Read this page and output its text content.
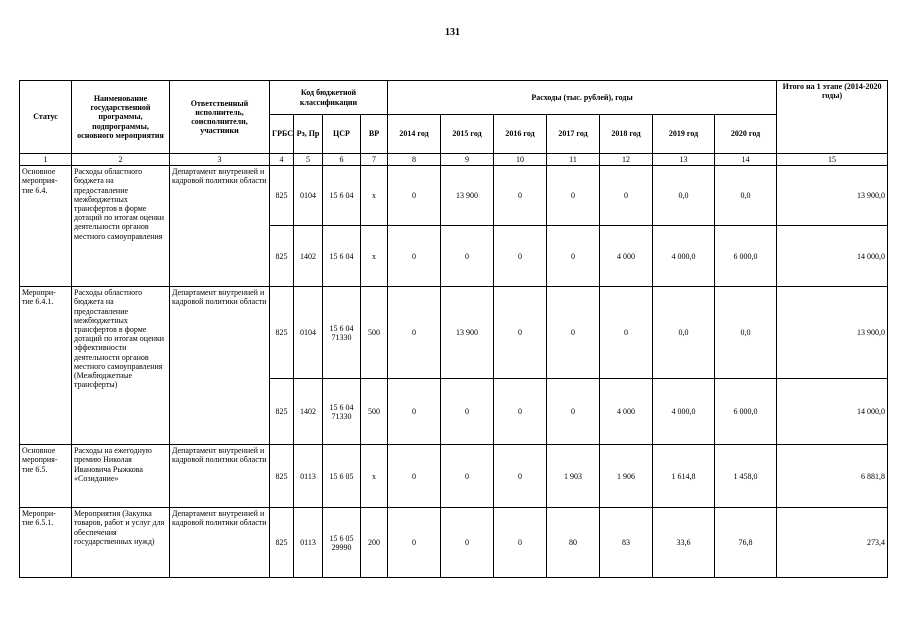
131
Статус	Наименование государственной программы, подпрограммы, основного мероприятия	Ответственный исполнитель, соисполнители, участники	Код бюджетной классификации				Расходы (тыс. рублей), годы							Итого на 1 этапе (2014-2020 годы)
			ГРБС	Рз, Пр	ЦСР	ВР	2014 год	2015 год	2016 год	2017 год	2018 год	2019 год	2020 год	
1	2	3	4	5	6	7	8	9	10	11	12	13	14	15
Основное мероприя- тие 6.4.	Расходы областного бюджета на предоставление межбюджетных трансфертов в форме дотаций по итогам оценки деятельности органов местного самоуправления	Департамент внутренней и кадровой политики области	825	0104	15 6 04	x	0	13 900	0	0	0	0,0	0,0	13 900,0
			825	1402	15 6 04	x	0	0	0	0	4 000	4 000,0	6 000,0	14 000,0
Меропри- тие 6.4.1.	Расходы областного бюджета на предоставление межбюджетных трансфертов в форме дотаций по итогам оценки эффективности деятельности органов местного самоуправления (Межбюджетные трансферты)	Департамент внутренней и кадровой политики области	825	0104	15 6 04 71330	500	0	13 900	0	0	0	0,0	0,0	13 900,0
			825	1402	15 6 04 71330	500	0	0	0	0	4 000	4 000,0	6 000,0	14 000,0
Основное мероприя- тие 6.5.	Расходы на ежегодную премию Николая Ивановича Рыжкова «Созидание»	Департамент внутренней и кадровой политики области	825	0113	15 6 05	x	0	0	0	1 903	1 906	1 614,8	1 458,0	6 881,8
Меропри- тие 6.5.1.	Мероприятия (Закупка товаров, работ и услуг для обеспечения государственных нужд)	Департамент внутренней и кадровой политики области	825	0113	15 6 05 29990	200	0	0	0	80	83	33,6	76,8	273,4
